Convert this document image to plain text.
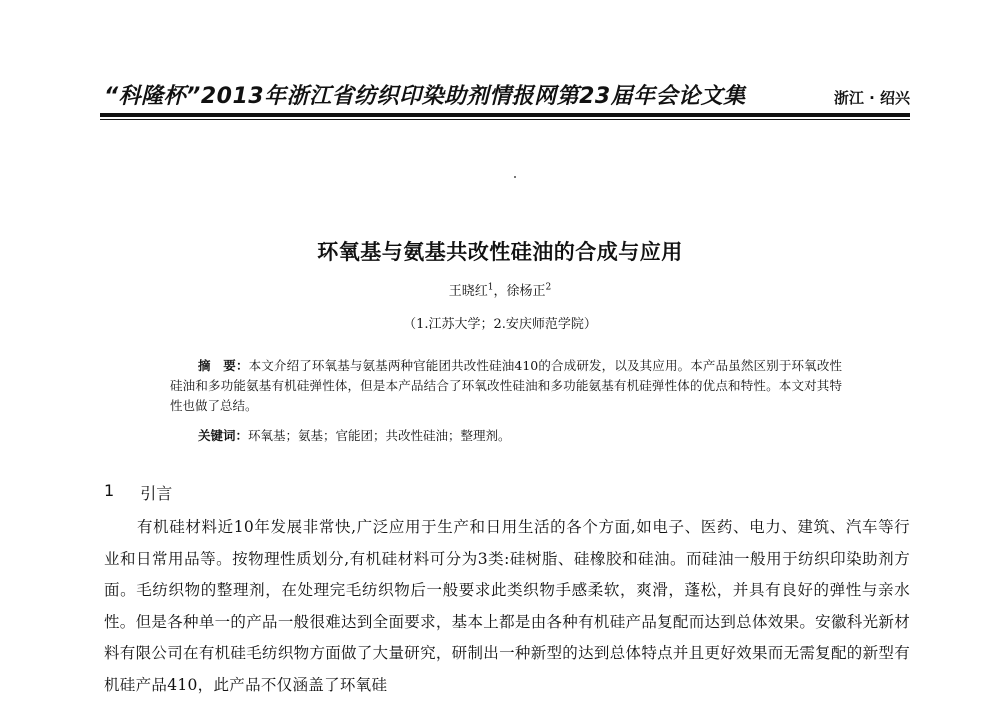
“科隆杯”2013年浙江省纺织印染助剂情报网第23届年会论文集	浙江 · 绍兴
环氧基与氨基共改性硅油的合成与应用
王晓红$^1$，徐杨正$^2$
（1.江苏大学；2.安庆师范学院）
摘　要：本文介绍了环氧基与氨基两种官能团共改性硅油410的合成研发，以及其应用。本产品虽然区别于环氧改性硅油和多功能氨基有机硅弹性体，但是本产品结合了环氧改性硅油和多功能氨基有机硅弹性体的优点和特性。本文对其特性也做了总结。
关键词：环氧基；氨基；官能团；共改性硅油；整理剂。
1 引言
有机硅材料近10年发展非常快,广泛应用于生产和日用生活的各个方面,如电子、医药、电力、建筑、汽车等行业和日常用品等。按物理性质划分,有机硅材料可分为3类:硅树脂、硅橡胶和硅油。而硅油一般用于纺织印染助剂方面。毛纺织物的整理剂，在处理完毛纺织物后一般要求此类织物手感柔软，爽滑，蓬松，并具有良好的弹性与亲水性。但是各种单一的产品一般很难达到全面要求，基本上都是由各种有机硅产品复配而达到总体效果。安徽科光新材料有限公司在有机硅毛纺织物方面做了大量研究，研制出一种新型的达到总体特点并且更好效果而无需复配的新型有机硅产品410，此产品不仅涵盖了环氧硅
